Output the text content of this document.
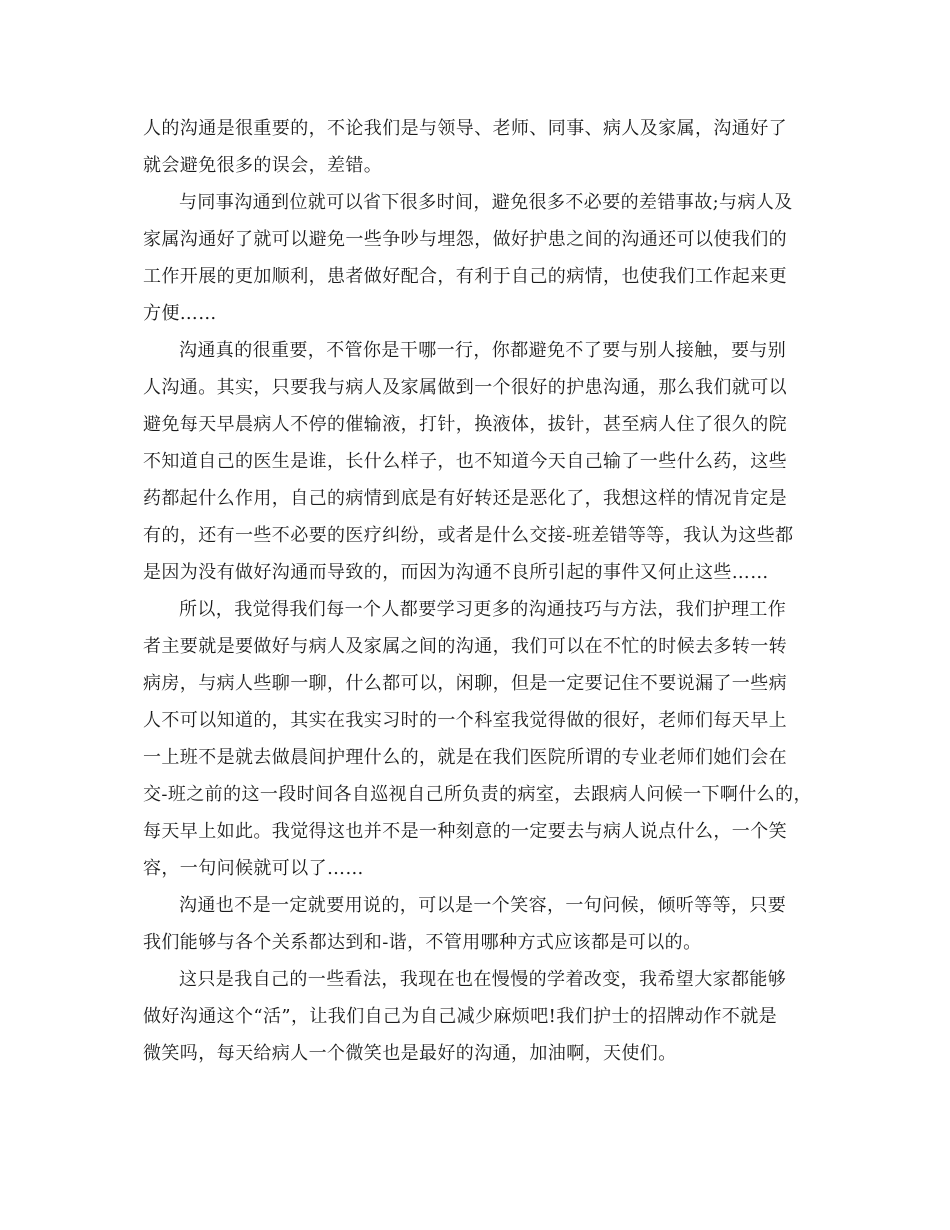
人的沟通是很重要的，不论我们是与领导、老师、同事、病人及家属，沟通好了

就会避免很多的误会，差错。

与同事沟通到位就可以省下很多时间，避免很多不必要的差错事故;与病人及

家属沟通好了就可以避免一些争吵与埋怨，做好护患之间的沟通还可以使我们的

工作开展的更加顺利，患者做好配合，有利于自己的病情，也使我们工作起来更

方便……

沟通真的很重要，不管你是干哪一行，你都避免不了要与别人接触，要与别

人沟通。其实，只要我与病人及家属做到一个很好的护患沟通，那么我们就可以

避免每天早晨病人不停的催输液，打针，换液体，拔针，甚至病人住了很久的院

不知道自己的医生是谁，长什么样子，也不知道今天自己输了一些什么药，这些

药都起什么作用，自己的病情到底是有好转还是恶化了，我想这样的情况肯定是

有的，还有一些不必要的医疗纠纷，或者是什么交接-班差错等等，我认为这些都

是因为没有做好沟通而导致的，而因为沟通不良所引起的事件又何止这些……

所以，我觉得我们每一个人都要学习更多的沟通技巧与方法，我们护理工作

者主要就是要做好与病人及家属之间的沟通，我们可以在不忙的时候去多转一转

病房，与病人些聊一聊，什么都可以，闲聊，但是一定要记住不要说漏了一些病

人不可以知道的，其实在我实习时的一个科室我觉得做的很好，老师们每天早上

一上班不是就去做晨间护理什么的，就是在我们医院所谓的专业老师们她们会在

交-班之前的这一段时间各自巡视自己所负责的病室，去跟病人问候一下啊什么的，

每天早上如此。我觉得这也并不是一种刻意的一定要去与病人说点什么，一个笑

容，一句问候就可以了……

沟通也不是一定就要用说的，可以是一个笑容，一句问候，倾听等等，只要

我们能够与各个关系都达到和-谐，不管用哪种方式应该都是可以的。

这只是我自己的一些看法，我现在也在慢慢的学着改变，我希望大家都能够

做好沟通这个“活”，让我们自己为自己减少麻烦吧!我们护士的招牌动作不就是

微笑吗，每天给病人一个微笑也是最好的沟通，加油啊，天使们。
